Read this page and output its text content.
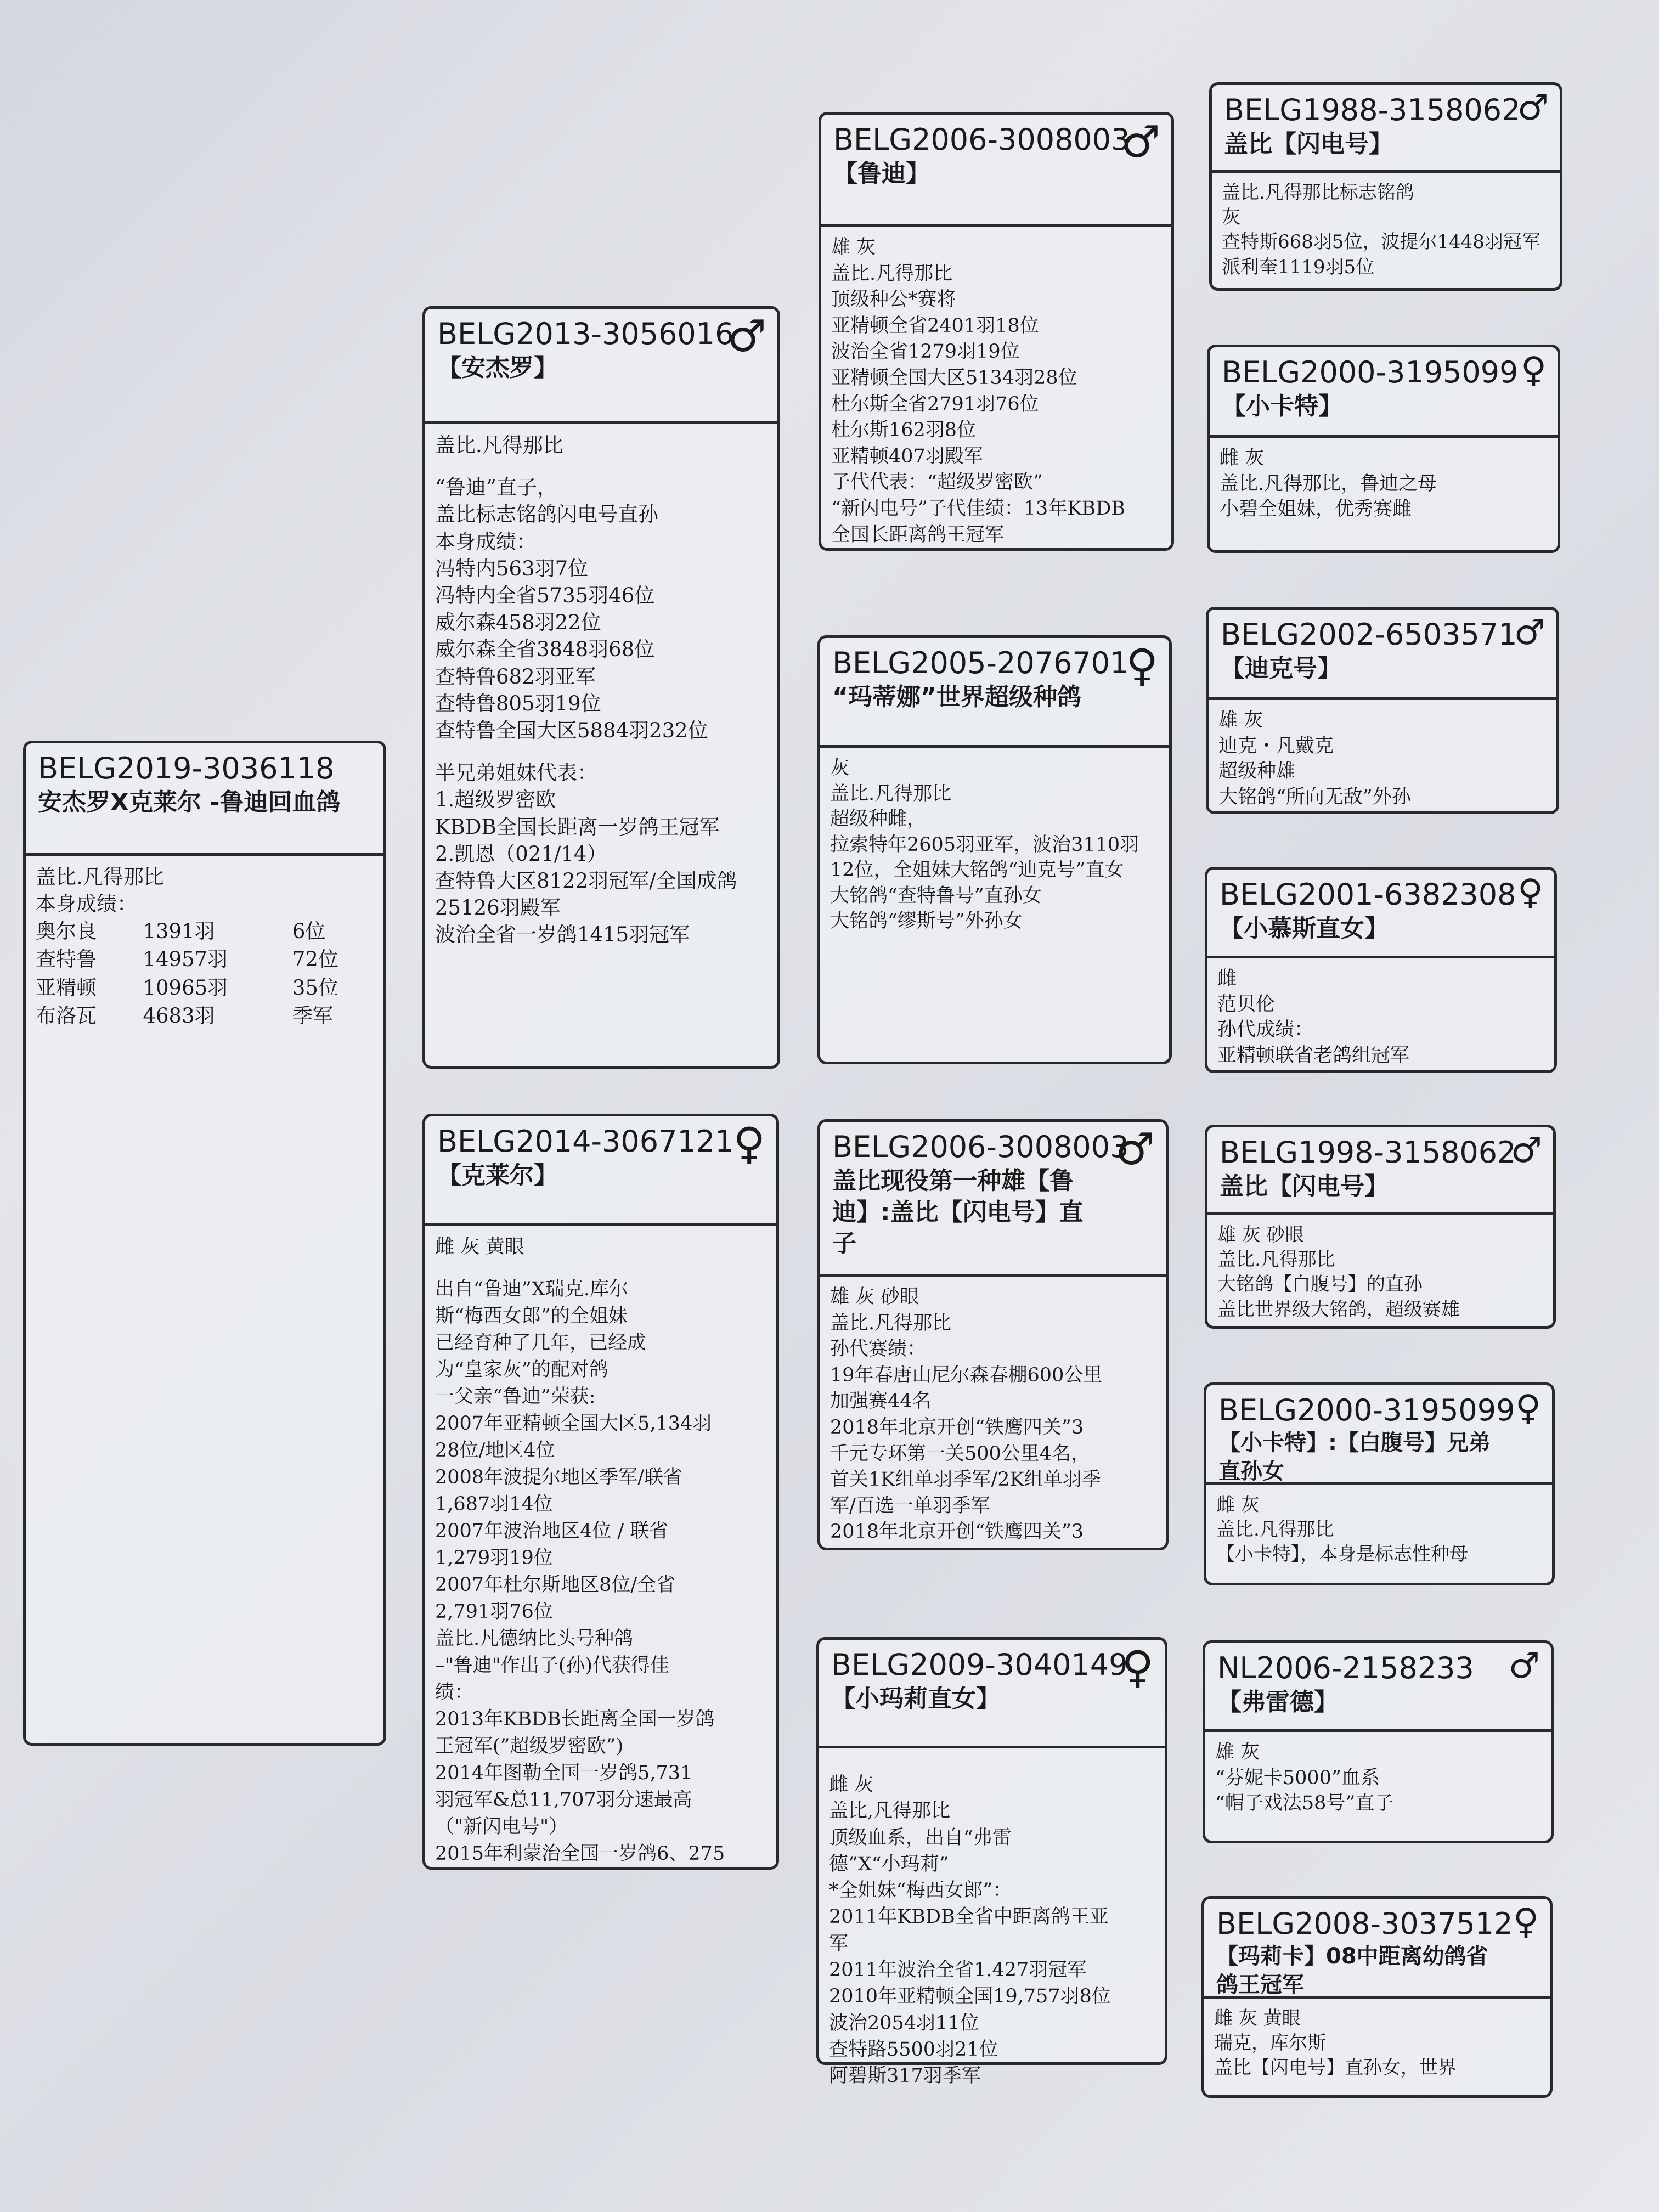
BELG2019-3036118
安杰罗X克莱尔 -鲁迪回血鸽
盖比.凡得那比
本身成绩：
奥尔良	1391羽	6位
查特鲁	14957羽	72位
亚精顿	10965羽	35位
布洛瓦	4683羽	季军
BELG2013-3056016
【安杰罗】
♂
盖比.凡得那比
“鲁迪”直子，
盖比标志铭鸽闪电号直孙
本身成绩：
冯特内563羽7位
冯特内全省5735羽46位
威尔森458羽22位
威尔森全省3848羽68位
查特鲁682羽亚军
查特鲁805羽19位
查特鲁全国大区5884羽232位
半兄弟姐妹代表：
1.超级罗密欧
KBDB全国长距离一岁鸽王冠军
2.凯恩（021/14）
查特鲁大区8122羽冠军/全国成鸽
25126羽殿军
波治全省一岁鸽1415羽冠军
BELG2014-3067121
【克莱尔】
♀
雌 灰 黄眼
出自“鲁迪”X瑞克.库尔
斯“梅西女郎”的全姐妹
已经育种了几年，已经成
为“皇家灰”的配对鸽
一父亲“鲁迪”荣获:
2007年亚精顿全国大区5,134羽
28位/地区4位
2008年波提尔地区季军/联省
1,687羽14位
2007年波治地区4位 / 联省
1,279羽19位
2007年杜尔斯地区8位/全省
2,791羽76位
盖比.凡德纳比头号种鸽
–"鲁迪"作出子(孙)代获得佳
绩：
2013年KBDB长距离全国一岁鸽
王冠军(”超级罗密欧”)
2014年图勒全国一岁鸽5,731
羽冠军&总11,707羽分速最高
（"新闪电号"）
2015年利蒙治全国一岁鸽6、275
BELG2006-3008003
【鲁迪】
♂
雄 灰
盖比.凡得那比
顶级种公*赛将
亚精顿全省2401羽18位
波治全省1279羽19位
亚精顿全国大区5134羽28位
杜尔斯全省2791羽76位
杜尔斯162羽8位
亚精顿407羽殿军
子代代表：“超级罗密欧”
“新闪电号”子代佳绩：13年KBDB
全国长距离鸽王冠军
BELG2005-2076701
“玛蒂娜”世界超级种鸽
♀
灰
盖比.凡得那比
超级种雌，
拉索特年2605羽亚军，波治3110羽
12位，全姐妹大铭鸽“迪克号”直女
大铭鸽“查特鲁号”直孙女
大铭鸽“缪斯号”外孙女
BELG2006-3008003
盖比现役第一种雄【鲁迪】:盖比【闪电号】直子
♂
雄 灰 砂眼
盖比.凡得那比
孙代赛绩：
19年春唐山尼尔森春棚600公里
加强赛44名
2018年北京开创“铁鹰四关”3
千元专环第一关500公里4名，
首关1K组单羽季军/2K组单羽季
军/百选一单羽季军
2018年北京开创“铁鹰四关”3
BELG2009-3040149
【小玛莉直女】
♀
雌 灰
盖比,凡得那比
顶级血系，出自“弗雷
德”X“小玛莉”
*全姐妹“梅西女郎”：
2011年KBDB全省中距离鸽王亚
军
2011年波治全省1.427羽冠军
2010年亚精顿全国19,757羽8位
波治2054羽11位
查特路5500羽21位
阿碧斯317羽季军
BELG1988-3158062
盖比【闪电号】
♂
盖比.凡得那比标志铭鸽
灰
查特斯668羽5位，波提尔1448羽冠军
派利奎1119羽5位
BELG2000-3195099
【小卡特】
♀
雌 灰
盖比.凡得那比，鲁迪之母
小碧全姐妹，优秀赛雌
BELG2002-6503571
【迪克号】
♂
雄 灰
迪克・凡戴克
超级种雄
大铭鸽“所向无敌”外孙
BELG2001-6382308
【小慕斯直女】
♀
雌
范贝伦
孙代成绩：
亚精顿联省老鸽组冠军
BELG1998-3158062
盖比【闪电号】
♂
雄 灰 砂眼
盖比.凡得那比
大铭鸽【白腹号】的直孙
盖比世界级大铭鸽，超级赛雄
BELG2000-3195099
【小卡特】:【白腹号】兄弟直孙女
♀
雌 灰
盖比.凡得那比
【小卡特】，本身是标志性种母
NL2006-2158233
【弗雷德】
♂
雄 灰
“芬妮卡5000”血系
“帽子戏法58号”直子
BELG2008-3037512
【玛莉卡】08中距离幼鸽省鸽王冠军
♀
雌 灰 黄眼
瑞克，库尔斯
盖比【闪电号】直孙女，世界
